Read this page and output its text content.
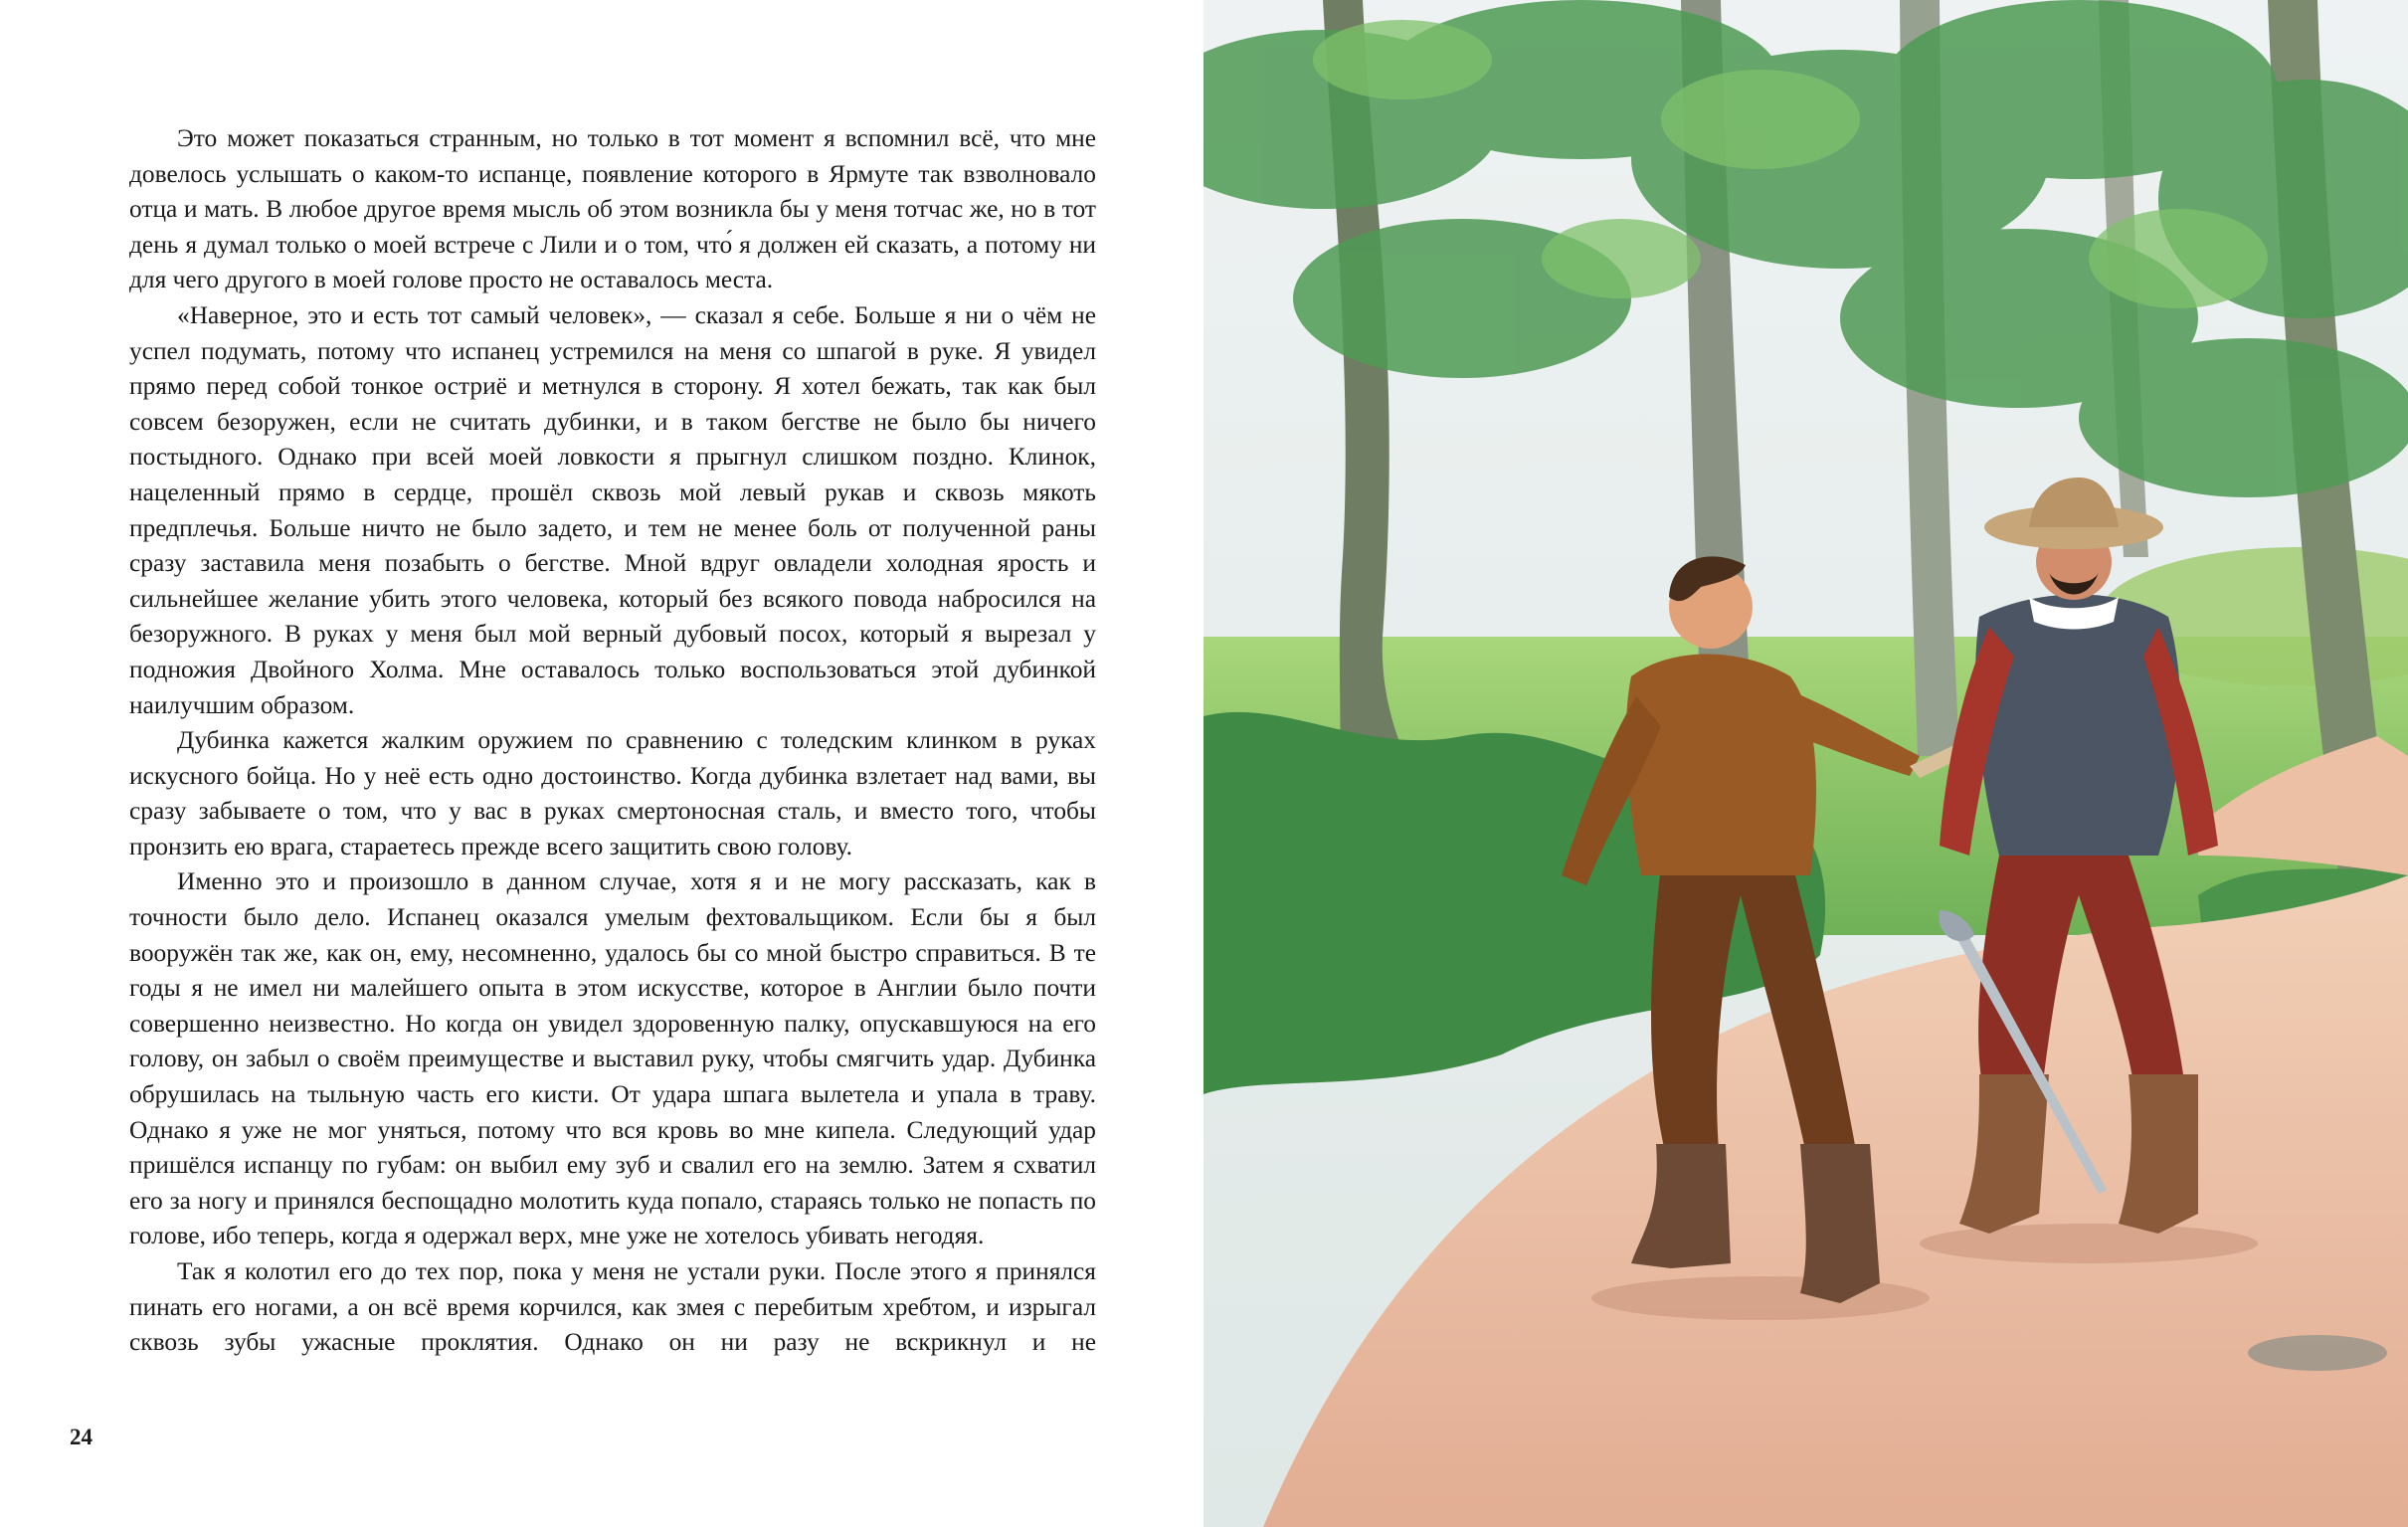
Это может показаться странным, но только в тот момент я вспомнил всё, что мне довелось услышать о каком-то испанце, появление которого в Ярмуте так взволновало отца и мать. В любое другое время мысль об этом возникла бы у меня тотчас же, но в тот день я думал только о моей встрече с Лили и о том, что́ я должен ей сказать, а потому ни для чего другого в моей голове просто не оставалось места.

«Наверное, это и есть тот самый человек», — сказал я себе. Больше я ни о чём не успел подумать, потому что испанец устремился на меня со шпагой в руке. Я увидел прямо перед собой тонкое остриё и метнулся в сторону. Я хотел бежать, так как был совсем безоружен, если не считать дубинки, и в таком бегстве не было бы ничего постыдного. Однако при всей моей ловкости я прыгнул слишком поздно. Клинок, нацеленный прямо в сердце, прошёл сквозь мой левый рукав и сквозь мякоть предплечья. Больше ничто не было задето, и тем не менее боль от полученной раны сразу заставила меня позабыть о бегстве. Мной вдруг овладели холодная ярость и сильнейшее желание убить этого человека, который без всякого повода набросился на безоружного. В руках у меня был мой верный дубовый посох, который я вырезал у подножия Двойного Холма. Мне оставалось только воспользоваться этой дубинкой наилучшим образом.

Дубинка кажется жалким оружием по сравнению с толедским клинком в руках искусного бойца. Но у неё есть одно достоинство. Когда дубинка взлетает над вами, вы сразу забываете о том, что у вас в руках смертоносная сталь, и вместо того, чтобы пронзить ею врага, стараетесь прежде всего защитить свою голову.

Именно это и произошло в данном случае, хотя я и не могу рассказать, как в точности было дело. Испанец оказался умелым фехтовальщиком. Если бы я был вооружён так же, как он, ему, несомненно, удалось бы со мной быстро справиться. В те годы я не имел ни малейшего опыта в этом искусстве, которое в Англии было почти совершенно неизвестно. Но когда он увидел здоровенную палку, опускавшуюся на его голову, он забыл о своём преимуществе и выставил руку, чтобы смягчить удар. Дубинка обрушилась на тыльную часть его кисти. От удара шпага вылетела и упала в траву. Однако я уже не мог уняться, потому что вся кровь во мне кипела. Следующий удар пришёлся испанцу по губам: он выбил ему зуб и свалил его на землю. Затем я схватил его за ногу и принялся беспощадно молотить куда попало, стараясь только не попасть по голове, ибо теперь, когда я одержал верх, мне уже не хотелось убивать негодяя.

Так я колотил его до тех пор, пока у меня не устали руки. После этого я принялся пинать его ногами, а он всё время корчился, как змея с перебитым хребтом, и изрыгал сквозь зубы ужасные проклятия. Однако он ни разу не вскрикнул и не

24
